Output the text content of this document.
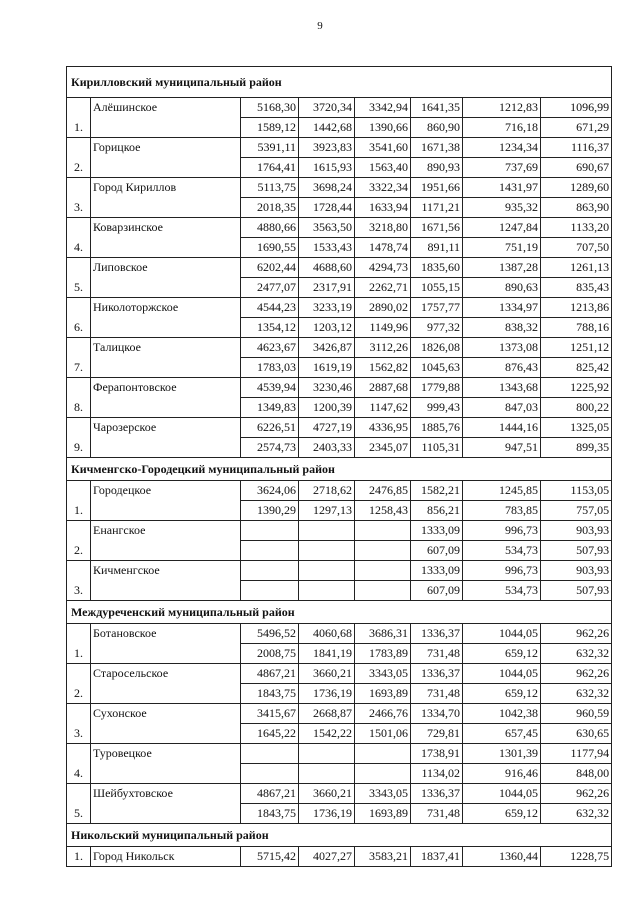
9
Кирилловский муниципальный район							
1.	Алёшинское	5168,30	3720,34	3342,94	1641,35	1212,83	1096,99
		1589,12	1442,68	1390,66	860,90	716,18	671,29
2.	Горицкое	5391,11	3923,83	3541,60	1671,38	1234,34	1116,37
		1764,41	1615,93	1563,40	890,93	737,69	690,67
3.	Город Кириллов	5113,75	3698,24	3322,34	1951,66	1431,97	1289,60
		2018,35	1728,44	1633,94	1171,21	935,32	863,90
4.	Коварзинское	4880,66	3563,50	3218,80	1671,56	1247,84	1133,20
		1690,55	1533,43	1478,74	891,11	751,19	707,50
5.	Липовское	6202,44	4688,60	4294,73	1835,60	1387,28	1261,13
		2477,07	2317,91	2262,71	1055,15	890,63	835,43
6.	Николоторжское	4544,23	3233,19	2890,02	1757,77	1334,97	1213,86
		1354,12	1203,12	1149,96	977,32	838,32	788,16
7.	Талицкое	4623,67	3426,87	3112,26	1826,08	1373,08	1251,12
		1783,03	1619,19	1562,82	1045,63	876,43	825,42
8.	Ферапонтовское	4539,94	3230,46	2887,68	1779,88	1343,68	1225,92
		1349,83	1200,39	1147,62	999,43	847,03	800,22
9.	Чарозерское	6226,51	4727,19	4336,95	1885,76	1444,16	1325,05
		2574,73	2403,33	2345,07	1105,31	947,51	899,35
Кичменгско-Городецкий муниципальный район							
1.	Городецкое	3624,06	2718,62	2476,85	1582,21	1245,85	1153,05
		1390,29	1297,13	1258,43	856,21	783,85	757,05
2.	Енангское				1333,09	996,73	903,93
					607,09	534,73	507,93
3.	Кичменгское				1333,09	996,73	903,93
					607,09	534,73	507,93
Междуреченский муниципальный район							
1.	Ботановское	5496,52	4060,68	3686,31	1336,37	1044,05	962,26
		2008,75	1841,19	1783,89	731,48	659,12	632,32
2.	Старосельское	4867,21	3660,21	3343,05	1336,37	1044,05	962,26
		1843,75	1736,19	1693,89	731,48	659,12	632,32
3.	Сухонское	3415,67	2668,87	2466,76	1334,70	1042,38	960,59
		1645,22	1542,22	1501,06	729,81	657,45	630,65
4.	Туровецкое				1738,91	1301,39	1177,94
					1134,02	916,46	848,00
5.	Шейбухтовское	4867,21	3660,21	3343,05	1336,37	1044,05	962,26
		1843,75	1736,19	1693,89	731,48	659,12	632,32
Никольский муниципальный район							
1.	Город Никольск	5715,42	4027,27	3583,21	1837,41	1360,44	1228,75
